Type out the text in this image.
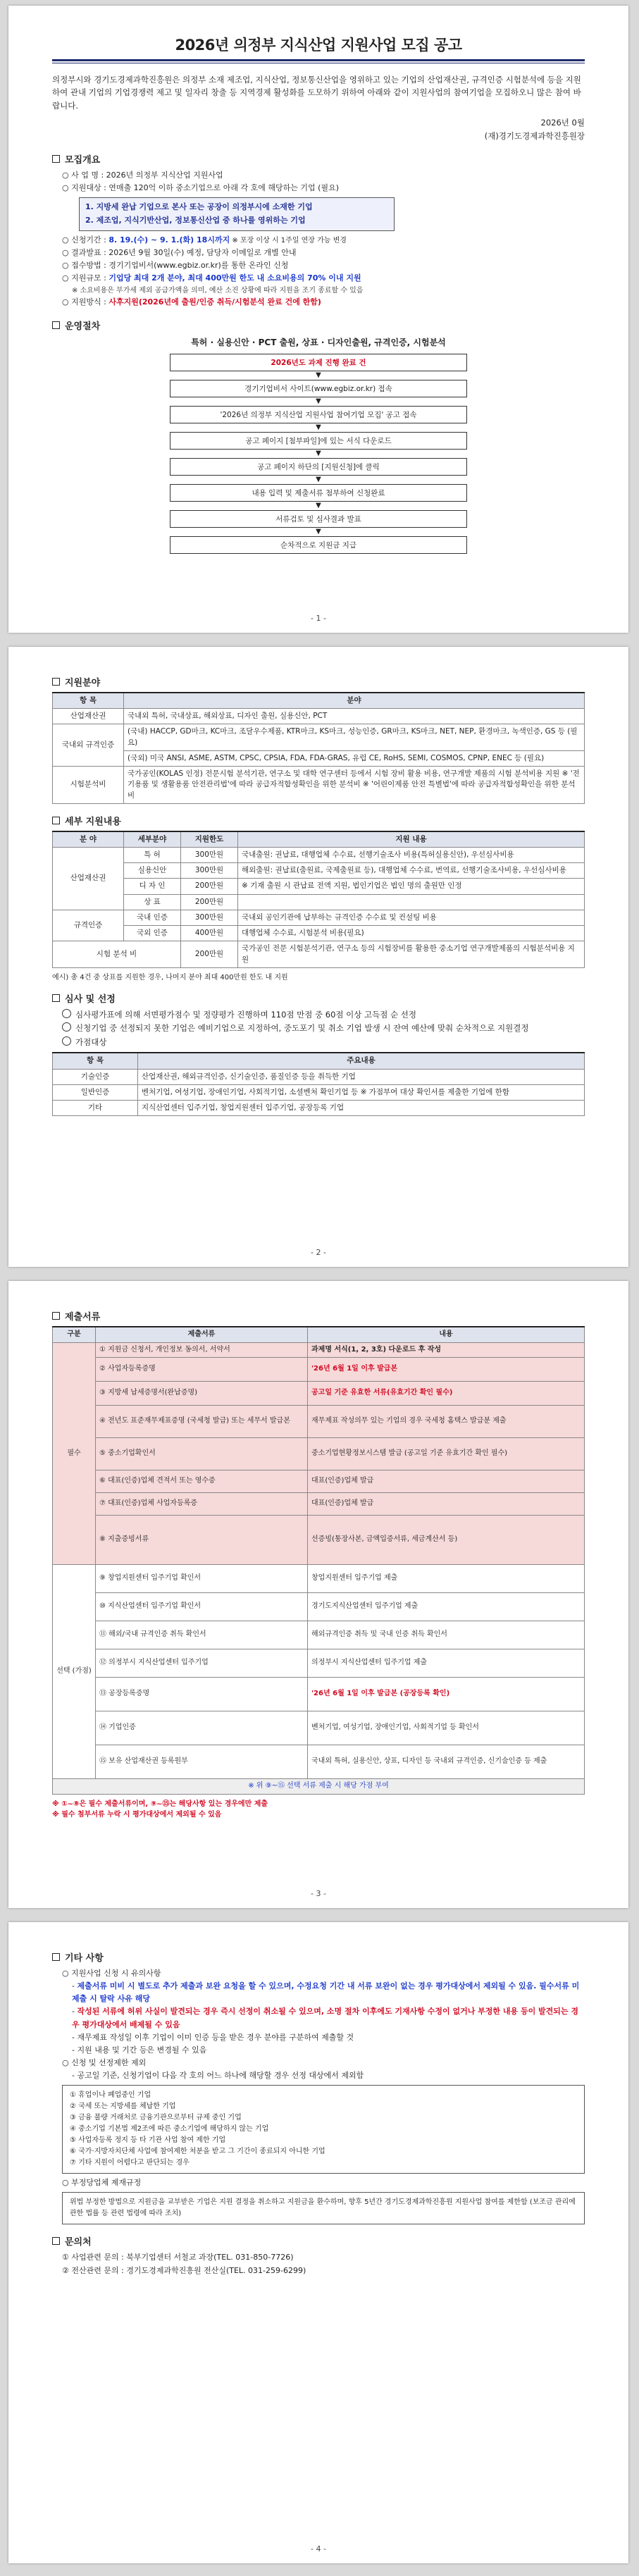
2026년 의정부 지식산업 지원사업 모집 공고

의정부시와 경기도경제과학진흥원은 의정부 소재 제조업, 지식산업, 정보통신산업을 영위하고 있는 기업의 산업재산권, 규격인증 시험분석에 등을 지원하여 관내 기업의 기업경쟁력 제고 및 일자리 창출 등 지역경제 활성화를 도모하기 위하여 아래와 같이 지원사업의 참여기업을 모집하오니 많은 참여 바랍니다.

2026년 0월
(재)경기도경제과학진흥원장
모집개요

○ 사 업 명 : 2026년 의정부 지식산업 지원사업

○ 지원대상 : 연매출 120억 이하 중소기업으로 아래 각 호에 해당하는 기업 (필요)

1. 지방세 완납 기업으로 본사 또는 공장이 의정부시에 소재한 기업
2. 제조업, 지식기반산업, 정보통신산업 중 하나를 영위하는 기업

○ 신청기간 : 8. 19.(수) ~ 9. 1.(화) 18시까지 ※ 포장 이상 시 1주일 연장 가능 변경

○ 결과발표 : 2026년 9월 30일(수) 예정, 담당자 이메일로 개별 안내

○ 접수방법 : 경기기업비서(www.egbiz.or.kr)를 통한 온라인 신청

○ 지원규모 : 기업당 최대 2개 분야, 최대 400만원 한도 내 소요비용의 70% 이내 지원

※ 소요비용은 부가세 제외 공급가액을 의미, 예산 소진 상황에 따라 지원을 조기 종료할 수 있음

○ 지원방식 : 사후지원(2026년에 출원/인증 취득/시험분석 완료 건에 한함)

운영절차
특허 · 실용신안 · PCT 출원, 상표 · 디자인출원, 규격인증, 시험분석
2026년도 과제 진행 완료 건
▼
경기기업비서 사이트(www.egbiz.or.kr) 접속
▼
'2026년 의정부 지식산업 지원사업 참여기업 모집' 공고 접속
▼
공고 페이지 [첨부파일]에 있는 서식 다운로드
▼
공고 페이지 하단의 [지원신청]에 클릭
▼
내용 입력 및 제출서류 첨부하여 신청완료
▼
서류검토 및 심사결과 발표
▼
순차적으로 지원금 지급
- 1 -
지원분야
항 목	분야
산업재산권	국내외 특허, 국내상표, 해외상표, 디자인 출원, 실용신안, PCT
국내외 규격인증	(국내) HACCP, GD마크, KC마크, 조달우수제품, KTR마크, KS마크, 성능인증, GR마크, KS마크, NET, NEP, 환경마크, 녹색인증, GS 등 (필요)
	(국외) 미국 ANSI, ASME, ASTM, CPSC, CPSIA, FDA, FDA-GRAS, 유럽 CE, RoHS, SEMI, COSMOS, CPNP, ENEC 등 (필요)
시험분석비	국가공인(KOLAS 인정) 전문시험 분석기관, 연구소 및 대학 연구센터 등에서 시험 장비 활용 비용, 연구개발 제품의 시험 분석비용 지원 ※ '전기용품 및 생활용품 안전관리법'에 따라 공급자적합성확인을 위한 분석비 ※ '어린이제품 안전 특별법'에 따라 공급자적합성확인을 위한 분석비
세부 지원내용
분 야	세부분야	지원한도	지원 내용
산업재산권	특 허	300만원	국내출원: 권납료, 대행업체 수수료, 선행기술조사 비용(특허실용신안), 우선심사비용
	실용신안	300만원	해외출원: 권납료(출원료, 국제출원료 등), 대행업체 수수료, 번역료, 선행기술조사비용, 우선심사비용
	디 자 인	200만원	※ 기재 출원 시 관납료 전액 지원, 법인기업은 법인 명의 출원만 인정
	상 표	200만원	
규격인증	국내 인증	300만원	국내외 공인기관에 납부하는 규격인증 수수료 및 컨설팅 비용
	국외 인증	400만원	대행업체 수수료, 시험분석 비용(필요)
시험 분석 비		200만원	국가공인 전문 시험분석기관, 연구소 등의 시험장비를 활용한 중소기업 연구개발제품의 시험분석비용 지원

예시) 총 4건 중 상표를 지원한 경우, 나머지 분야 최대 400만원 한도 내 지원

심사 및 선정

심사평가표에 의해 서면평가점수 및 정량평가 진행하며 110점 만점 중 60점 이상 고득점 순 선정

신청기업 중 선정되지 못한 기업은 예비기업으로 지정하여, 중도포기 및 취소 기업 발생 시 잔여 예산에 맞춰 순차적으로 지원결정

가점대상

항 목	주요내용
기술인증	산업재산권, 해외규격인증, 신기술인증, 품질인증 등을 취득한 기업
일반인증	벤처기업, 여성기업, 장애인기업, 사회적기업, 소셜벤처 확인기업 등 ※ 가점부여 대상 확인서를 제출한 기업에 한함
기타	지식산업센터 입주기업, 창업지원센터 입주기업, 공장등록 기업
- 2 -
제출서류
구분	제출서류	내용
필수	① 지원금 신청서, 개인정보 동의서, 서약서	과제명 서식(1, 2, 3호) 다운로드 후 작성
	② 사업자등록증명	'26년 6월 1일 이후 발급본
	③ 지방세 납세증명서(완납증명)	공고일 기준 유효한 서류(유효기간 확인 필수)
	④ 전년도 표준재무제표증명 (국세청 발급) 또는 세무서 발급본	재무제표 작성의무 있는 기업의 경우 국세청 홈택스 발급분 제출
	⑤ 중소기업확인서	중소기업현황정보시스템 발급 (공고일 기준 유효기간 확인 필수)
	⑥ 대표(인증)업체 견적서 또는 영수증	대표(인증)업체 발급
	⑦ 대표(인증)업체 사업자등록증	대표(인증)업체 발급
	⑧ 지출증빙서류	선증빙(통장사본, 금액입증서류, 세금계산서 등)
선택 (가점)	⑨ 창업지원센터 입주기업 확인서	창업지원센터 입주기업 제출
	⑩ 지식산업센터 입주기업 확인서	경기도지식산업센터 입주기업 제출
	⑪ 해외/국내 규격인증 취득 확인서	해외규격인증 취득 및 국내 인증 취득 확인서
	⑫ 의정부시 지식산업센터 입주기업	의정부시 지식산업센터 입주기업 제출
	⑬ 공장등록증명	'26년 6월 1일 이후 발급본 (공장등록 확인)
	⑭ 기업인증	벤처기업, 여성기업, 장애인기업, 사회적기업 등 확인서
	⑮ 보유 산업재산권 등록원부	국내외 특허, 실용신안, 상표, 디자인 등 국내외 규격인증, 신기술인증 등 제출
※ 위 ⑨~⑮ 선택 서류 제출 시 해당 가점 부여		
※ ①~⑧은 필수 제출서류이며, ⑨~⑮는 해당사항 있는 경우에만 제출
※ 필수 첨부서류 누락 시 평가대상에서 제외될 수 있음
- 3 -
기타 사항

○ 지원사업 신청 시 유의사항

- 제출서류 미비 시 별도로 추가 제출과 보완 요청을 할 수 있으며, 수정요청 기간 내 서류 보완이 없는 경우 평가대상에서 제외될 수 있음. 필수서류 미제출 시 탈락 사유 해당

- 작성된 서류에 허위 사실이 발견되는 경우 즉시 선정이 취소될 수 있으며, 소명 절차 이후에도 기재사항 수정이 없거나 부정한 내용 등이 발견되는 경우 평가대상에서 배제될 수 있음

- 재무제표 작성일 이후 기업이 이미 인증 등을 받은 경우 분야를 구분하여 제출할 것

- 지원 내용 및 기간 등은 변경될 수 있음

○ 신청 및 선정제한 제외

- 공고일 기준, 신청기업이 다음 각 호의 어느 하나에 해당할 경우 선정 대상에서 제외함

① 휴업이나 폐업중인 기업
② 국세 또는 지방세를 체납한 기업
③ 금융 불량 거래처로 금융기관으로부터 규제 중인 기업
④ 중소기업 기본법 제2조에 따른 중소기업에 해당하지 않는 기업
⑤ 사업자등록 정지 등 타 기관 사업 참여 제한 기업
⑥ 국가·지방자치단체 사업에 참여제한 처분을 받고 그 기간이 종료되지 아니한 기업
⑦ 기타 지원이 어렵다고 판단되는 경우

○ 부정당업체 제재규정

위법 부정한 방법으로 지원금을 교부받은 기업은 지원 결정을 취소하고 지원금을 환수하며, 향후 5년간 경기도경제과학진흥원 지원사업 참여를 제한함 (보조금 관리에 관한 법률 등 관련 법령에 따라 조치)
문의처

① 사업관련 문의 : 북부기업센터 서철교 과장(TEL. 031-850-7726)

② 전산관련 문의 : 경기도경제과학진흥원 전산실(TEL. 031-259-6299)

- 4 -
